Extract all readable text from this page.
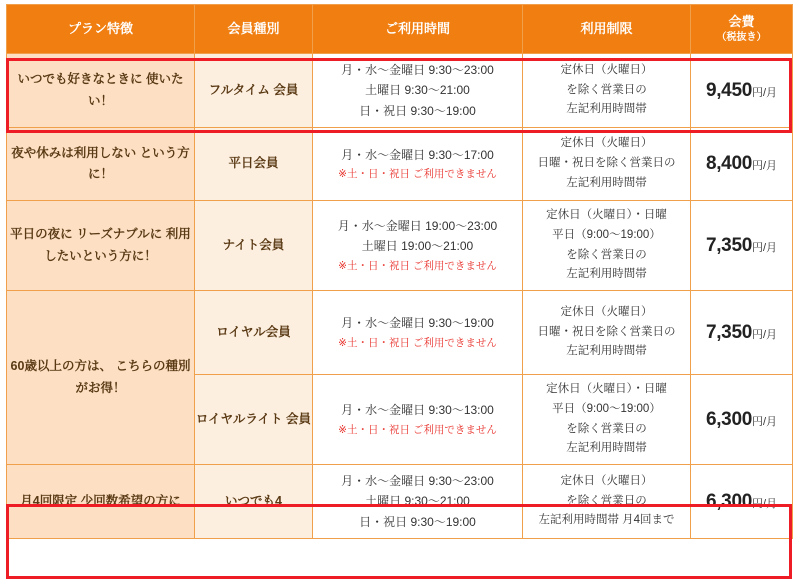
プラン特徴	会員種別	ご利用時間	利用制限	会費
（税抜き）

いつでも好きなときに 使いたい！	フルタイム 会員	月・水〜金曜日 9:30〜23:00
土曜日 9:30〜21:00
日・祝日 9:30〜19:00	定休日（火曜日）
を除く営業日の
左記利用時間帯	9,450円/月
夜や休みは利用しない という方に！	平日会員	月・水〜金曜日 9:30〜17:00
※土・日・祝日 ご利用できません	定休日（火曜日）
日曜・祝日を除く営業日の
左記利用時間帯	8,400円/月
平日の夜に リーズナブルに 利用したいという方に！	ナイト会員	月・水〜金曜日 19:00〜23:00
土曜日 19:00〜21:00
※土・日・祝日 ご利用できません	定休日（火曜日）・日曜
平日（9:00〜19:00）
を除く営業日の
左記利用時間帯	7,350円/月
60歳以上の方は、 こちらの種別がお得！	ロイヤル会員	月・水〜金曜日 9:30〜19:00
※土・日・祝日 ご利用できません	定休日（火曜日）
日曜・祝日を除く営業日の
左記利用時間帯	7,350円/月
	ロイヤルライト 会員	月・水〜金曜日 9:30〜13:00
※土・日・祝日 ご利用できません	定休日（火曜日）・日曜
平日（9:00〜19:00）
を除く営業日の
左記利用時間帯	6,300円/月
月4回限定 少回数希望の方に	いつでも4	月・水〜金曜日 9:30〜23:00
土曜日 9:30〜21:00
日・祝日 9:30〜19:00	定休日（火曜日）
を除く営業日の
左記利用時間帯 月4回まで	6,300円/月
